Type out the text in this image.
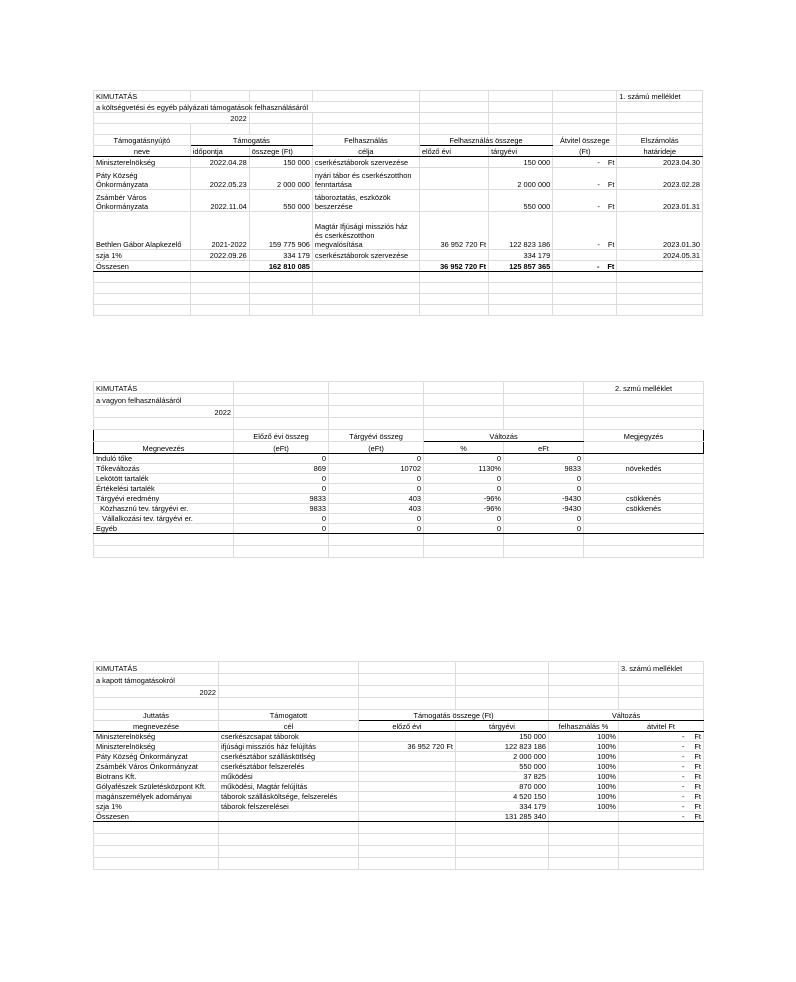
KIMUTATÁS							1. számú melléklet
a költségvetési és egyéb pályázati támogatások felhasználásáról							
2022							

Támogatásnyújtó	Támogatás		Felhasználás	Felhasználás összege		Átvitel összege	Elszámolás
neve	időpontja	összege (Ft)	célja	előző évi	tárgyévi	(Ft)	határideje
Miniszterelnökség	2022.04.28	150 000	cserkésztáborok szervezése		150 000	- Ft	2023.04.30
Páty Község Önkormányzata	2022.05.23	2 000 000	nyári tábor és cserkészotthon fenntartása		2 000 000	- Ft	2023.02.28
Zsámbér Város Önkormányzata	2022.11.04	550 000	táboroztatás, eszközök beszerzése		550 000	- Ft	2023.01.31
Bethlen Gábor Alapkezelő	2021-2022	159 775 906	Magtár Ifjúsági missziós ház és cserkészotthon megvalósítása	36 952 720 Ft	122 823 186	- Ft	2023.01.30
szja 1%	2022.09.26	334 179	cserkésztáborok szervezése		334 179		2024.05.31
Összesen		162 810 085		36 952 720 Ft	125 857 365	- Ft	

KIMUTATÁS					2. szmú melléklet
a vagyon felhasználásáról					
2022					

	Előző évi összeg	Tárgyévi összeg	Változás		Megjegyzés
Megnevezés	(eFt)	(eFt)	%	eFt	
Induló tőke	0	0	0	0	
Tőkeváltozás	869	10702	1130%	9833	növekedés
Lekötött tartalék	0	0	0	0	
Értékelési tartalék	0	0	0	0	
Tárgyévi eredmény	9833	403	-96%	-9430	csökkenés
Közhasznú tev. tárgyévi er.	9833	403	-96%	-9430	csökkenés
Vállalkozási tev. tárgyévi er.	0	0	0	0	
Egyéb	0	0	0	0	

KIMUTATÁS					3. számú melléklet
a kapott támogatásokról					
2022					

Juttatás	Támogatott	Támogatás összege (Ft)		Változás	
megnevezése	cél	előző évi	tárgyévi	felhasználás %	átvitel Ft
Miniszterelnökség	cserkészcsapat táborok		150 000	100%	- Ft
Miniszterelnökség	ifjúsági missziós ház felújítás	36 952 720 Ft	122 823 186	100%	- Ft
Páty Község Önkormányzat	cserkésztábor szálláskötlség		2 000 000	100%	- Ft
Zsámbék Város Önkormányzat	cserkésztábor felszerelés		550 000	100%	- Ft
Biotrans Kft.	működési		37 825	100%	- Ft
Gólyafészek Születésközpont Kft.	működési, Magtár felújítás		870 000	100%	- Ft
magánszemélyek adományai	táborok szállásköltsége, felszerelés		4 520 150	100%	- Ft
szja 1%	táborok felszerelései		334 179	100%	- Ft
Összesen			131 285 340		- Ft
